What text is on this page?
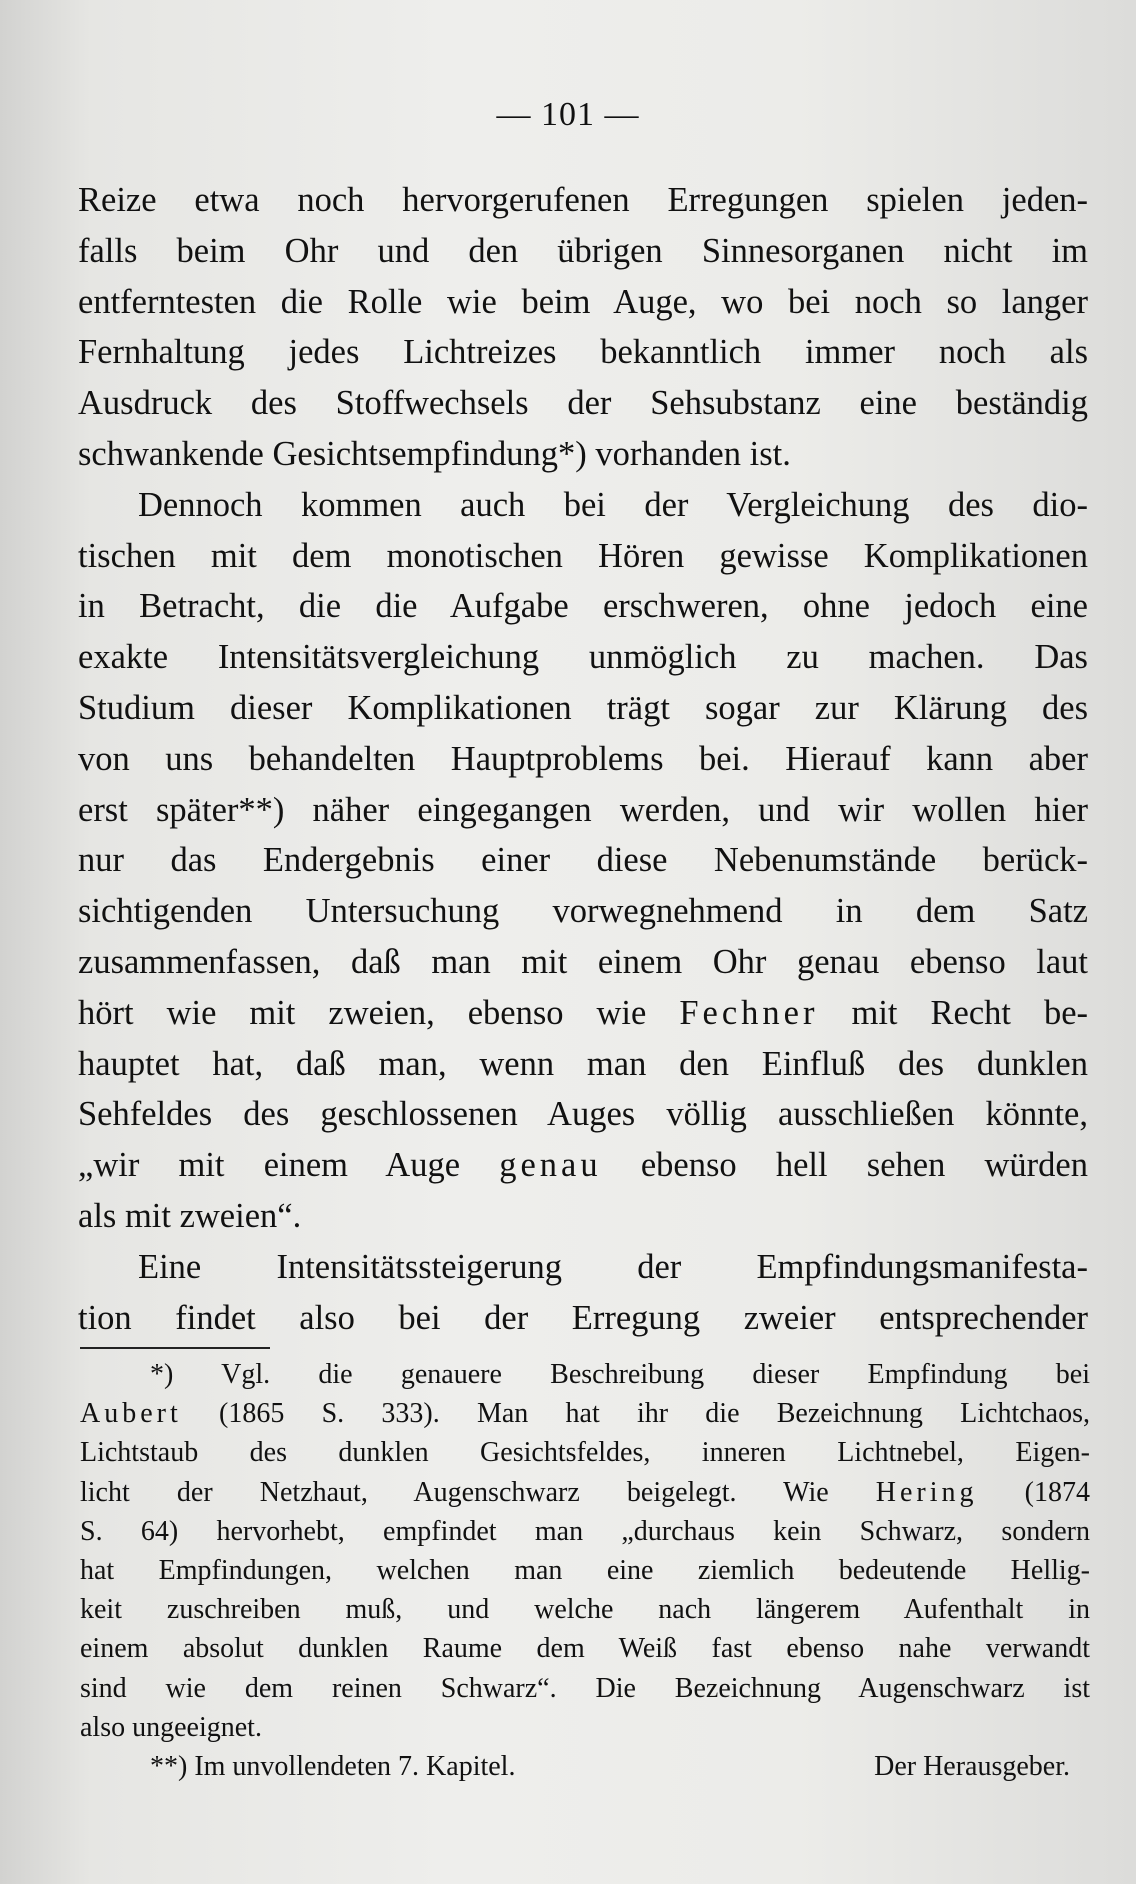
— 101 —

Reize etwa noch hervorgerufenen Erregungen spielen jeden-
falls beim Ohr und den übrigen Sinnesorganen nicht im
entferntesten die Rolle wie beim Auge, wo bei noch so langer
Fernhaltung jedes Lichtreizes bekanntlich immer noch als
Ausdruck des Stoffwechsels der Sehsubstanz eine beständig
schwankende Gesichtsempfindung*) vorhanden ist.

Dennoch kommen auch bei der Vergleichung des dio-
tischen mit dem monotischen Hören gewisse Komplikationen
in Betracht, die die Aufgabe erschweren, ohne jedoch eine
exakte Intensitätsvergleichung unmöglich zu machen. Das
Studium dieser Komplikationen trägt sogar zur Klärung des
von uns behandelten Hauptproblems bei. Hierauf kann aber
erst später**) näher eingegangen werden, und wir wollen hier
nur das Endergebnis einer diese Nebenumstände berück-
sichtigenden Untersuchung vorwegnehmend in dem Satz
zusammenfassen, daß man mit einem Ohr genau ebenso laut
hört wie mit zweien, ebenso wie Fechner mit Recht be-
hauptet hat, daß man, wenn man den Einfluß des dunklen
Sehfeldes des geschlossenen Auges völlig ausschließen könnte,
„wir mit einem Auge genau ebenso hell sehen würden
als mit zweien“.

Eine Intensitätssteigerung der Empfindungsmanifesta-
tion findet also bei der Erregung zweier entsprechender

*) Vgl. die genauere Beschreibung dieser Empfindung bei
Aubert (1865 S. 333). Man hat ihr die Bezeichnung Lichtchaos,
Lichtstaub des dunklen Gesichtsfeldes, inneren Lichtnebel, Eigen-
licht der Netzhaut, Augenschwarz beigelegt. Wie Hering (1874
S. 64) hervorhebt, empfindet man „durchaus kein Schwarz, sondern
hat Empfindungen, welchen man eine ziemlich bedeutende Hellig-
keit zuschreiben muß, und welche nach längerem Aufenthalt in
einem absolut dunklen Raume dem Weiß fast ebenso nahe verwandt
sind wie dem reinen Schwarz“. Die Bezeichnung Augenschwarz ist
also ungeeignet.
**) Im unvollendeten 7. Kapitel.	Der Herausgeber.
